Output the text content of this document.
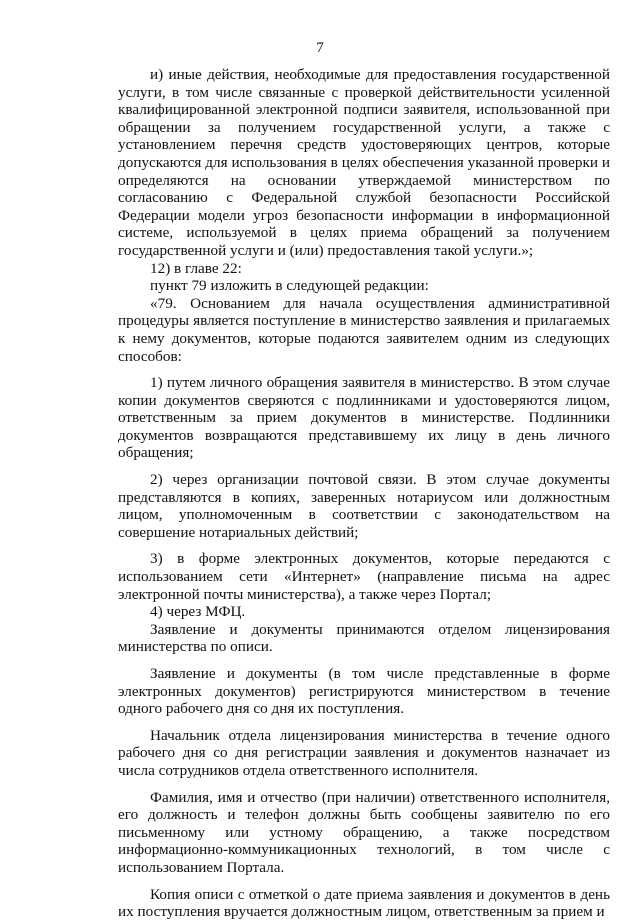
7

и) иные действия, необходимые для предоставления государственной услуги, в том числе связанные с проверкой действительности усиленной квалифицированной электронной подписи заявителя, использованной при обращении за получением государственной услуги, а также с установлением перечня средств удостоверяющих центров, которые допускаются для использования в целях обеспечения указанной проверки и определяются на основании утверждаемой министерством по согласованию с Федеральной службой безопасности Российской Федерации модели угроз безопасности информации в информационной системе, используемой в целях приема обращений за получением государственной услуги и (или) предоставления такой услуги.»;

12) в главе 22:

пункт 79 изложить в следующей редакции:

«79. Основанием для начала осуществления административной процедуры является поступление в министерство заявления и прилагаемых к нему документов, которые подаются заявителем одним из следующих способов:

1) путем личного обращения заявителя в министерство. В этом случае копии документов сверяются с подлинниками и удостоверяются лицом, ответственным за прием документов в министерстве. Подлинники документов возвращаются представившему их лицу в день личного обращения;

2) через организации почтовой связи. В этом случае документы представляются в копиях, заверенных нотариусом или должностным лицом, уполномоченным в соответствии с законодательством на совершение нотариальных действий;

3) в форме электронных документов, которые передаются с использованием сети «Интернет» (направление письма на адрес электронной почты министерства), а также через Портал;

4) через МФЦ.

Заявление и документы принимаются отделом лицензирования министерства по описи.

Заявление и документы (в том числе представленные в форме электронных документов) регистрируются министерством в течение одного рабочего дня со дня их поступления.

Начальник отдела лицензирования министерства в течение одного рабочего дня со дня регистрации заявления и документов назначает из числа сотрудников отдела ответственного исполнителя.

Фамилия, имя и отчество (при наличии) ответственного исполнителя, его должность и телефон должны быть сообщены заявителю по его письменному или устному обращению, а также посредством информационно-коммуникационных технологий, в том числе с использованием Портала.

Копия описи с отметкой о дате приема заявления и документов в день их поступления вручается должностным лицом, ответственным за прием и
